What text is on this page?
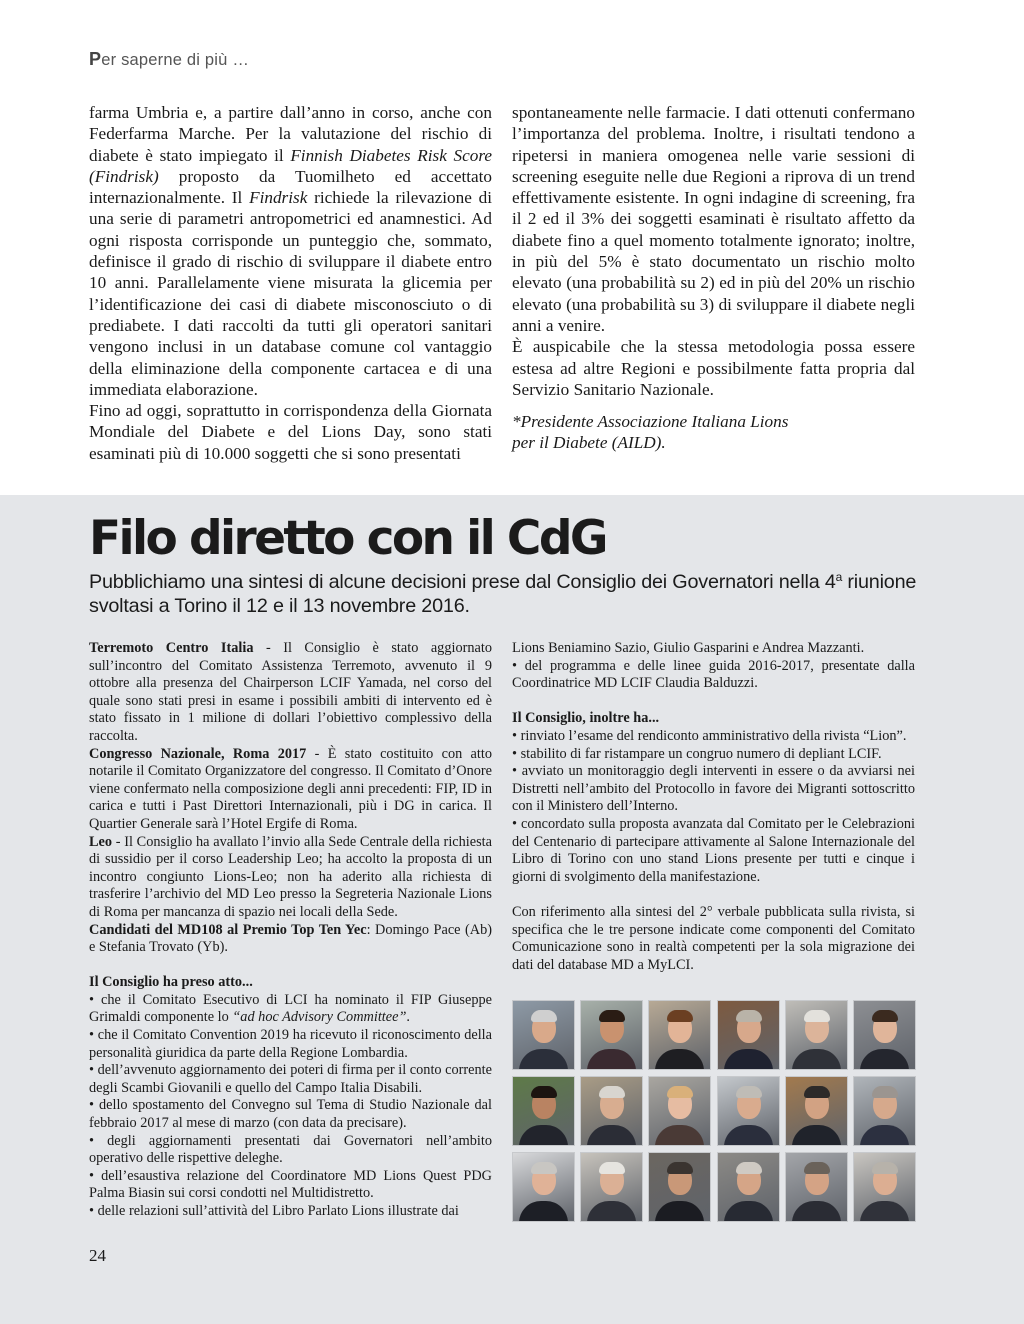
Per saperne di più …

farma Umbria e, a partire dall’anno in corso, anche con Federfarma Marche. Per la valutazione del rischio di diabete è stato impiegato il Finnish Diabetes Risk Score (Findrisk) proposto da Tuomilheto ed accettato internazionalmente. Il Findrisk richiede la rilevazione di una serie di parametri antropometrici ed anamnestici. Ad ogni risposta corrisponde un punteggio che, sommato, definisce il grado di rischio di sviluppare il diabete entro 10 anni. Parallelamente viene misurata la glicemia per l’identificazione dei casi di diabete misconosciuto o di prediabete. I dati raccolti da tutti gli operatori sanitari vengono inclusi in un database comune col vantaggio della eliminazione della componente cartacea e di una immediata elaborazione.

Fino ad oggi, soprattutto in corrispondenza della Giornata Mondiale del Diabete e del Lions Day, sono stati esaminati più di 10.000 soggetti che si sono presentati

spontaneamente nelle farmacie. I dati ottenuti confermano l’importanza del problema. Inoltre, i risultati tendono a ripetersi in maniera omogenea nelle varie sessioni di screening eseguite nelle due Regioni a riprova di un trend effettivamente esistente. In ogni indagine di screening, fra il 2 ed il 3% dei soggetti esaminati è risultato affetto da diabete fino a quel momento totalmente ignorato; inoltre, in più del 5% è stato documentato un rischio molto elevato (una probabilità su 2) ed in più del 20% un rischio elevato (una probabilità su 3) di sviluppare il diabete negli anni a venire.

È auspicabile che la stessa metodologia possa essere estesa ad altre Regioni e possibilmente fatta propria dal Servizio Sanitario Nazionale.

*Presidente Associazione Italiana Lions
per il Diabete (AILD).

Filo diretto con il CdG
Pubblichiamo una sintesi di alcune decisioni prese dal Consiglio dei Governatori nella 4$^a$ riunione svoltasi a Torino il 12 e il 13 novembre 2016.

Terremoto Centro Italia - Il Consiglio è stato aggiornato sull’incontro del Comitato Assistenza Terremoto, avvenuto il 9 ottobre alla presenza del Chairperson LCIF Yamada, nel corso del quale sono stati presi in esame i possibili ambiti di intervento ed è stato fissato in 1 milione di dollari l’obiettivo complessivo della raccolta.

Congresso Nazionale, Roma 2017 - È stato costituito con atto notarile il Comitato Organizzatore del congresso. Il Comitato d’Onore viene confermato nella composizione degli anni precedenti: FIP, ID in carica e tutti i Past Direttori Internazionali, più i DG in carica. Il Quartier Generale sarà l’Hotel Ergife di Roma.

Leo - Il Consiglio ha avallato l’invio alla Sede Centrale della richiesta di sussidio per il corso Leadership Leo; ha accolto la proposta di un incontro congiunto Lions-Leo; non ha aderito alla richiesta di trasferire l’archivio del MD Leo presso la Segreteria Nazionale Lions di Roma per mancanza di spazio nei locali della Sede.

Candidati del MD108 al Premio Top Ten Yec: Domingo Pace (Ab) e Stefania Trovato (Yb).

Il Consiglio ha preso atto...

• che il Comitato Esecutivo di LCI ha nominato il FIP Giuseppe Grimaldi componente lo “ad hoc Advisory Committee”.

• che il Comitato Convention 2019 ha ricevuto il riconoscimento della personalità giuridica da parte della Regione Lombardia.

• dell’avvenuto aggiornamento dei poteri di firma per il conto corrente degli Scambi Giovanili e quello del Campo Italia Disabili.

• dello spostamento del Convegno sul Tema di Studio Nazionale dal febbraio 2017 al mese di marzo (con data da precisare).

• degli aggiornamenti presentati dai Governatori nell’ambito operativo delle rispettive deleghe.

• dell’esaustiva relazione del Coordinatore MD Lions Quest PDG Palma Biasin sui corsi condotti nel Multidistretto.

• delle relazioni sull’attività del Libro Parlato Lions illustrate dai

Lions Beniamino Sazio, Giulio Gasparini e Andrea Mazzanti.

• del programma e delle linee guida 2016-2017, presentate dalla Coordinatrice MD LCIF Claudia Balduzzi.

Il Consiglio, inoltre ha...

• rinviato l’esame del rendiconto amministrativo della rivista “Lion”.

• stabilito di far ristampare un congruo numero di depliant LCIF.

• avviato un monitoraggio degli interventi in essere o da avviarsi nei Distretti nell’ambito del Protocollo in favore dei Migranti sottoscritto con il Ministero dell’Interno.

• concordato sulla proposta avanzata dal Comitato per le Celebrazioni del Centenario di partecipare attivamente al Salone Internazionale del Libro di Torino con uno stand Lions presente per tutti e cinque i giorni di svolgimento della manifestazione.

Con riferimento alla sintesi del 2° verbale pubblicata sulla rivista, si specifica che le tre persone indicate come componenti del Comitato Comunicazione sono in realtà competenti per la sola migrazione dei dati del database MD a MyLCI.

24
